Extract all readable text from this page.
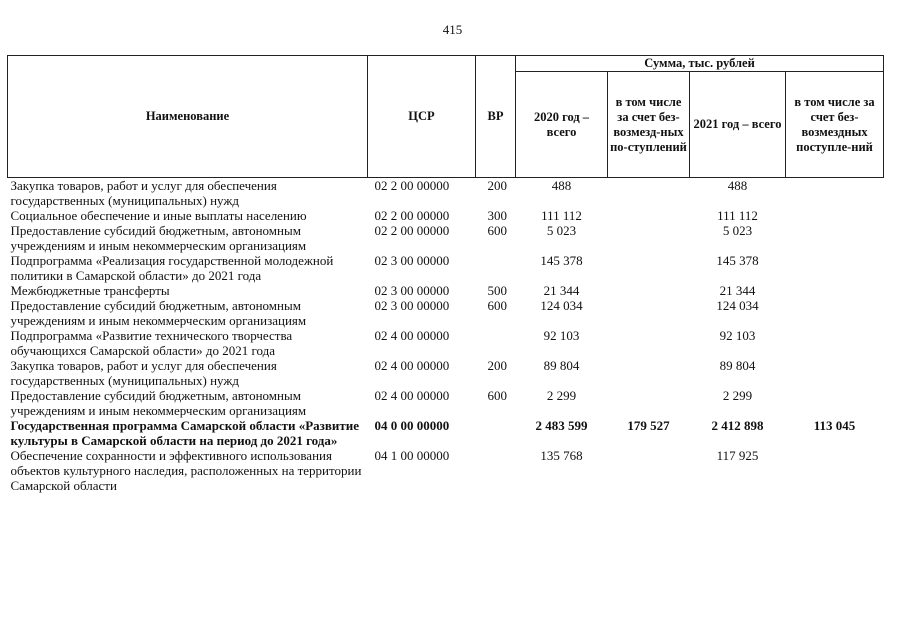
415
Наименование	ЦСР	ВР	Сумма, тыс. рублей			
			2020 год – всего	в том числе за счет без-возмезд-ных по-ступлений	2021 год – всего	в том числе за счет без-возмездных поступле-ний
Закупка товаров, работ и услуг для обеспечения государственных (муниципальных) нужд	02 2 00 00000	200	488		488	
Социальное обеспечение и иные выплаты населению	02 2 00 00000	300	111 112		111 112	
Предоставление субсидий бюджетным, автономным учреждениям и иным некоммерческим организациям	02 2 00 00000	600	5 023		5 023	
Подпрограмма «Реализация государственной молодежной политики в Самарской области» до 2021 года	02 3 00 00000		145 378		145 378	
Межбюджетные трансферты	02 3 00 00000	500	21 344		21 344	
Предоставление субсидий бюджетным, автономным учреждениям и иным некоммерческим организациям	02 3 00 00000	600	124 034		124 034	
Подпрограмма «Развитие технического творчества обучающихся Самарской области» до 2021 года	02 4 00 00000		92 103		92 103	
Закупка товаров, работ и услуг для обеспечения государственных (муниципальных) нужд	02 4 00 00000	200	89 804		89 804	
Предоставление субсидий бюджетным, автономным учреждениям и иным некоммерческим организациям	02 4 00 00000	600	2 299		2 299	
Государственная программа Самарской области «Развитие культуры в Самарской области на период до 2021 года»	04 0 00 00000		2 483 599	179 527	2 412 898	113 045
Обеспечение сохранности и эффективного использования объектов культурного наследия, расположенных на территории Самарской области	04 1 00 00000		135 768		117 925	
